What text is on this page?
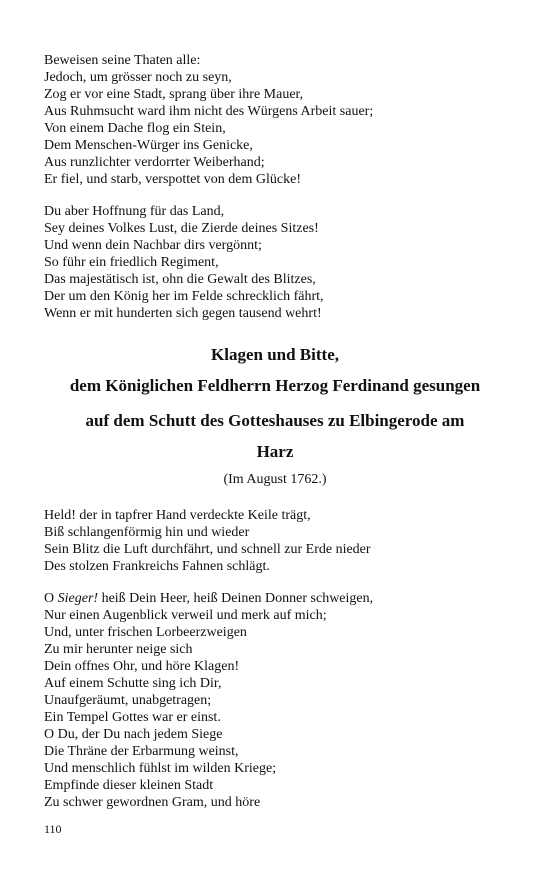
Beweisen seine Thaten alle:
Jedoch, um grösser noch zu seyn,
Zog er vor eine Stadt, sprang über ihre Mauer,
Aus Ruhmsucht ward ihm nicht des Würgens Arbeit sauer;
Von einem Dache flog ein Stein,
Dem Menschen-Würger ins Genicke,
Aus runzlichter verdorrter Weiberhand;
Er fiel, und starb, verspottet von dem Glücke!
Du aber Hoffnung für das Land,
Sey deines Volkes Lust, die Zierde deines Sitzes!
Und wenn dein Nachbar dirs vergönnt;
So führ ein friedlich Regiment,
Das majestätisch ist, ohn die Gewalt des Blitzes,
Der um den König her im Felde schrecklich fährt,
Wenn er mit hunderten sich gegen tausend wehrt!
Klagen und Bitte,
dem Königlichen Feldherrn Herzog Ferdinand gesungen
auf dem Schutt des Gotteshauses zu Elbingerode am
Harz
(Im August 1762.)
Held! der in tapfrer Hand verdeckte Keile trägt,
Biß schlangenförmig hin und wieder
Sein Blitz die Luft durchfährt, und schnell zur Erde nieder
Des stolzen Frankreichs Fahnen schlägt.
O Sieger! heiß Dein Heer, heiß Deinen Donner schweigen,
Nur einen Augenblick verweil und merk auf mich;
Und, unter frischen Lorbeerzweigen
Zu mir herunter neige sich
Dein offnes Ohr, und höre Klagen!
Auf einem Schutte sing ich Dir,
Unaufgeräumt, unabgetragen;
Ein Tempel Gottes war er einst.
O Du, der Du nach jedem Siege
Die Thräne der Erbarmung weinst,
Und menschlich fühlst im wilden Kriege;
Empfinde dieser kleinen Stadt
Zu schwer gewordnen Gram, und höre
110
